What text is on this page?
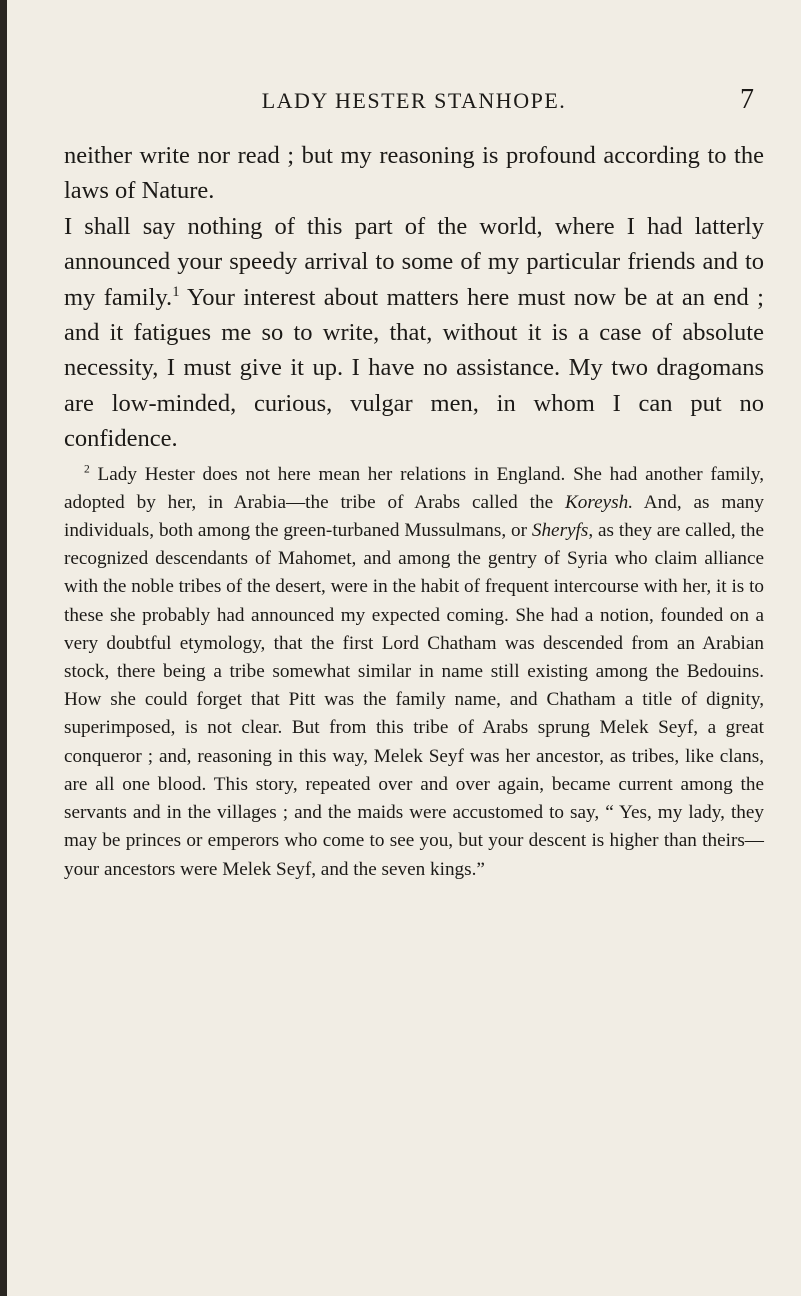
LADY HESTER STANHOPE.	7

neither write nor read ; but my reasoning is profound according to the laws of Nature.

I shall say nothing of this part of the world, where I had latterly announced your speedy arrival to some of my particular friends and to my family.$^1$ Your interest about matters here must now be at an end ; and it fatigues me so to write, that, without it is a case of absolute necessity, I must give it up. I have no assistance. My two dragomans are low-minded, curious, vulgar men, in whom I can put no confidence.

$^2$ Lady Hester does not here mean her relations in England. She had another family, adopted by her, in Arabia—the tribe of Arabs called the Koreysh. And, as many individuals, both among the green-turbaned Mussulmans, or Sheryfs, as they are called, the recognized descendants of Mahomet, and among the gentry of Syria who claim alliance with the noble tribes of the desert, were in the habit of frequent intercourse with her, it is to these she probably had announced my expected coming. She had a notion, founded on a very doubtful etymology, that the first Lord Chatham was descended from an Arabian stock, there being a tribe somewhat similar in name still existing among the Bedouins. How she could forget that Pitt was the family name, and Chatham a title of dignity, superimposed, is not clear. But from this tribe of Arabs sprung Melek Seyf, a great conqueror ; and, reasoning in this way, Melek Seyf was her ancestor, as tribes, like clans, are all one blood. This story, repeated over and over again, became current among the servants and in the villages ; and the maids were accustomed to say, “ Yes, my lady, they may be princes or emperors who come to see you, but your descent is higher than theirs—your ancestors were Melek Seyf, and the seven kings.”
